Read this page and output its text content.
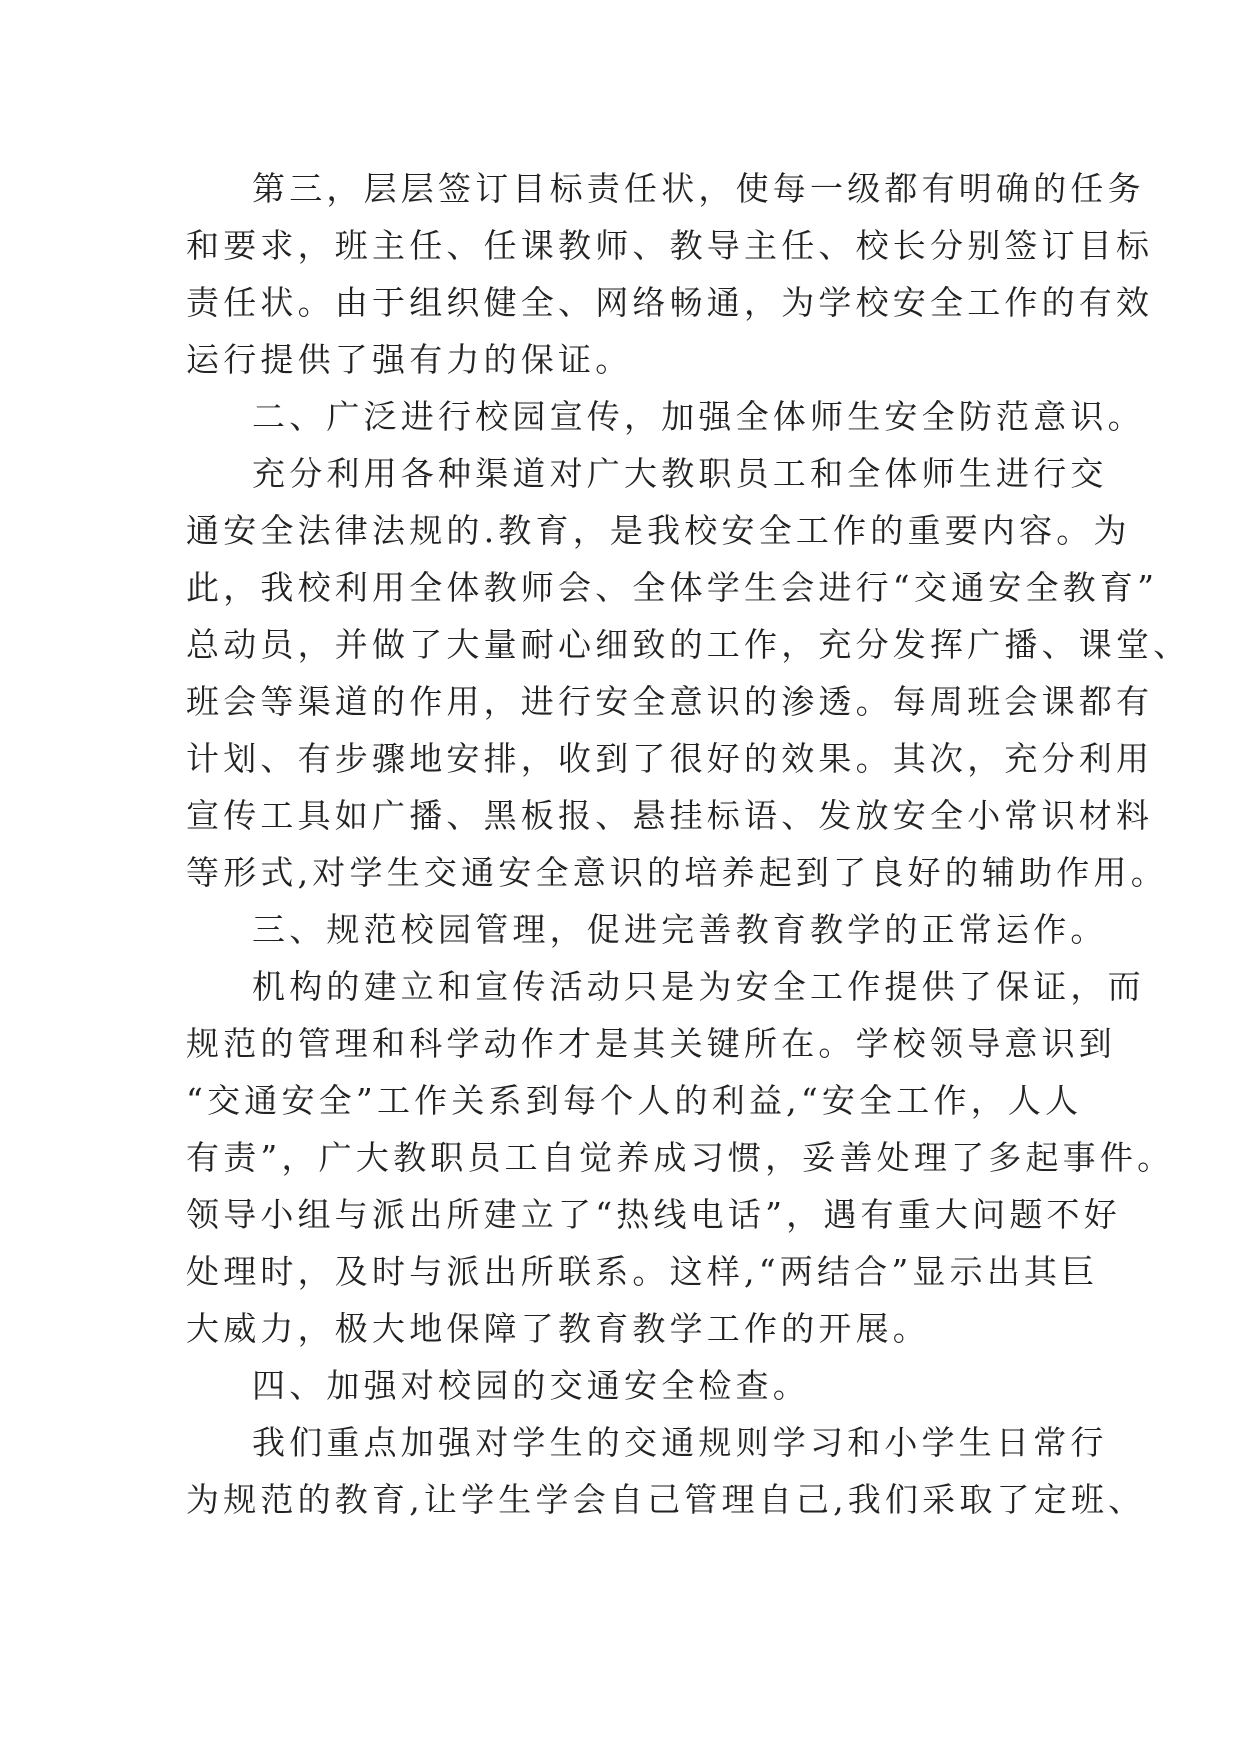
第三，层层签订目标责任状，使每一级都有明确的任务
和要求，班主任、任课教师、教导主任、校长分别签订目标
责任状。由于组织健全、网络畅通，为学校安全工作的有效
运行提供了强有力的保证。
二、广泛进行校园宣传，加强全体师生安全防范意识。
充分利用各种渠道对广大教职员工和全体师生进行交
通安全法律法规的.教育，是我校安全工作的重要内容。为
此，我校利用全体教师会、全体学生会进行“交通安全教育”
总动员，并做了大量耐心细致的工作，充分发挥广播、课堂、
班会等渠道的作用，进行安全意识的渗透。每周班会课都有
计划、有步骤地安排，收到了很好的效果。其次，充分利用
宣传工具如广播、黑板报、悬挂标语、发放安全小常识材料
等形式,对学生交通安全意识的培养起到了良好的辅助作用。
三、规范校园管理，促进完善教育教学的正常运作。
机构的建立和宣传活动只是为安全工作提供了保证，而
规范的管理和科学动作才是其关键所在。学校领导意识到
“交通安全”工作关系到每个人的利益,“安全工作，人人
有责”，广大教职员工自觉养成习惯，妥善处理了多起事件。
领导小组与派出所建立了“热线电话”，遇有重大问题不好
处理时，及时与派出所联系。这样,“两结合”显示出其巨
大威力，极大地保障了教育教学工作的开展。
四、加强对校园的交通安全检查。
我们重点加强对学生的交通规则学习和小学生日常行
为规范的教育,让学生学会自己管理自己,我们采取了定班、
